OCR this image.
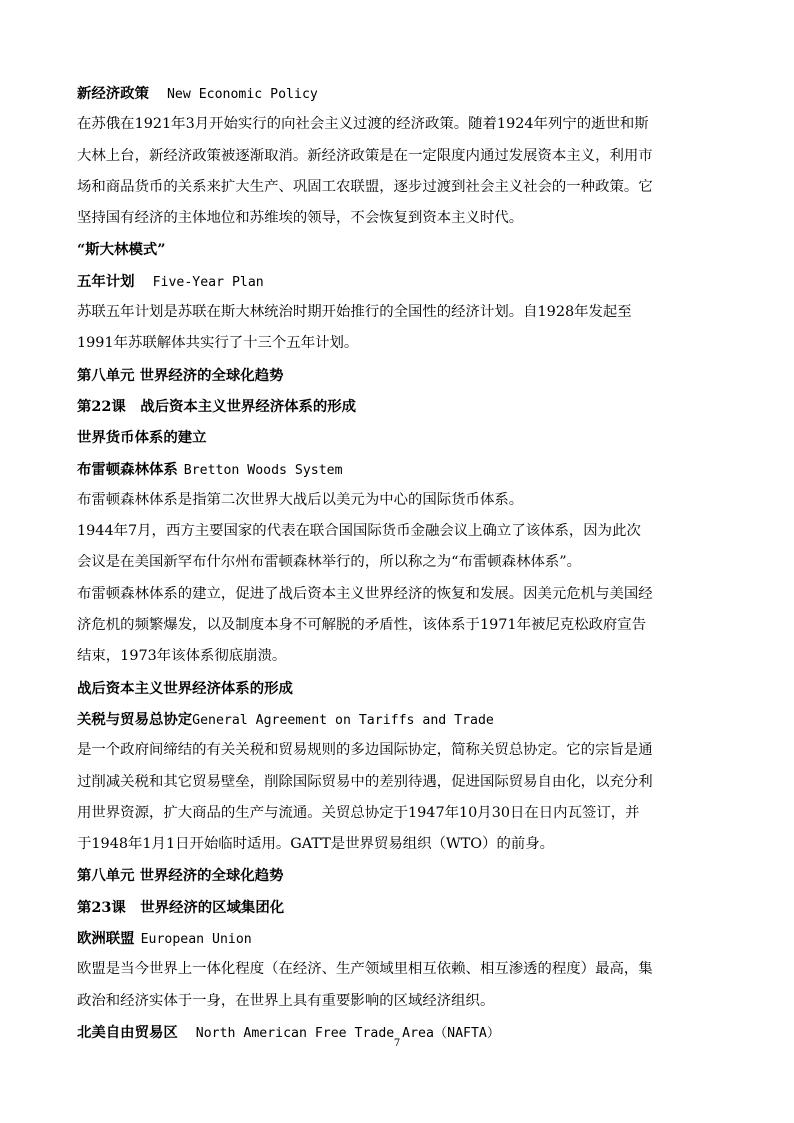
新经济政策 New Economic Policy
在苏俄在1921年3月开始实行的向社会主义过渡的经济政策。随着1924年列宁的逝世和斯
大林上台，新经济政策被逐渐取消。新经济政策是在一定限度内通过发展资本主义，利用市
场和商品货币的关系来扩大生产、巩固工农联盟，逐步过渡到社会主义社会的一种政策。它
坚持国有经济的主体地位和苏维埃的领导，不会恢复到资本主义时代。
“斯大林模式”
五年计划 Five-Year Plan
苏联五年计划是苏联在斯大林统治时期开始推行的全国性的经济计划。自1928年发起至
1991年苏联解体共实行了十三个五年计划。
第八单元 世界经济的全球化趋势
第22课　战后资本主义世界经济体系的形成
世界货币体系的建立
布雷顿森林体系 Bretton Woods System
布雷顿森林体系是指第二次世界大战后以美元为中心的国际货币体系。
1944年7月，西方主要国家的代表在联合国国际货币金融会议上确立了该体系，因为此次
会议是在美国新罕布什尔州布雷顿森林举行的，所以称之为“布雷顿森林体系”。
布雷顿森林体系的建立，促进了战后资本主义世界经济的恢复和发展。因美元危机与美国经
济危机的频繁爆发，以及制度本身不可解脱的矛盾性，该体系于1971年被尼克松政府宣告
结束，1973年该体系彻底崩溃。
战后资本主义世界经济体系的形成
关税与贸易总协定General Agreement on Tariffs and Trade
是一个政府间缔结的有关关税和贸易规则的多边国际协定，简称关贸总协定。它的宗旨是通
过削减关税和其它贸易壁垒，削除国际贸易中的差别待遇，促进国际贸易自由化，以充分利
用世界资源，扩大商品的生产与流通。关贸总协定于1947年10月30日在日内瓦签订，并
于1948年1月1日开始临时适用。GATT是世界贸易组织（WTO）的前身。
第八单元 世界经济的全球化趋势
第23课　世界经济的区域集团化
欧洲联盟 European Union
欧盟是当今世界上一体化程度（在经济、生产领域里相互依赖、相互渗透的程度）最高，集
政治和经济实体于一身，在世界上具有重要影响的区域经济组织。
北美自由贸易区 North American Free Trade Area（NAFTA）
7
